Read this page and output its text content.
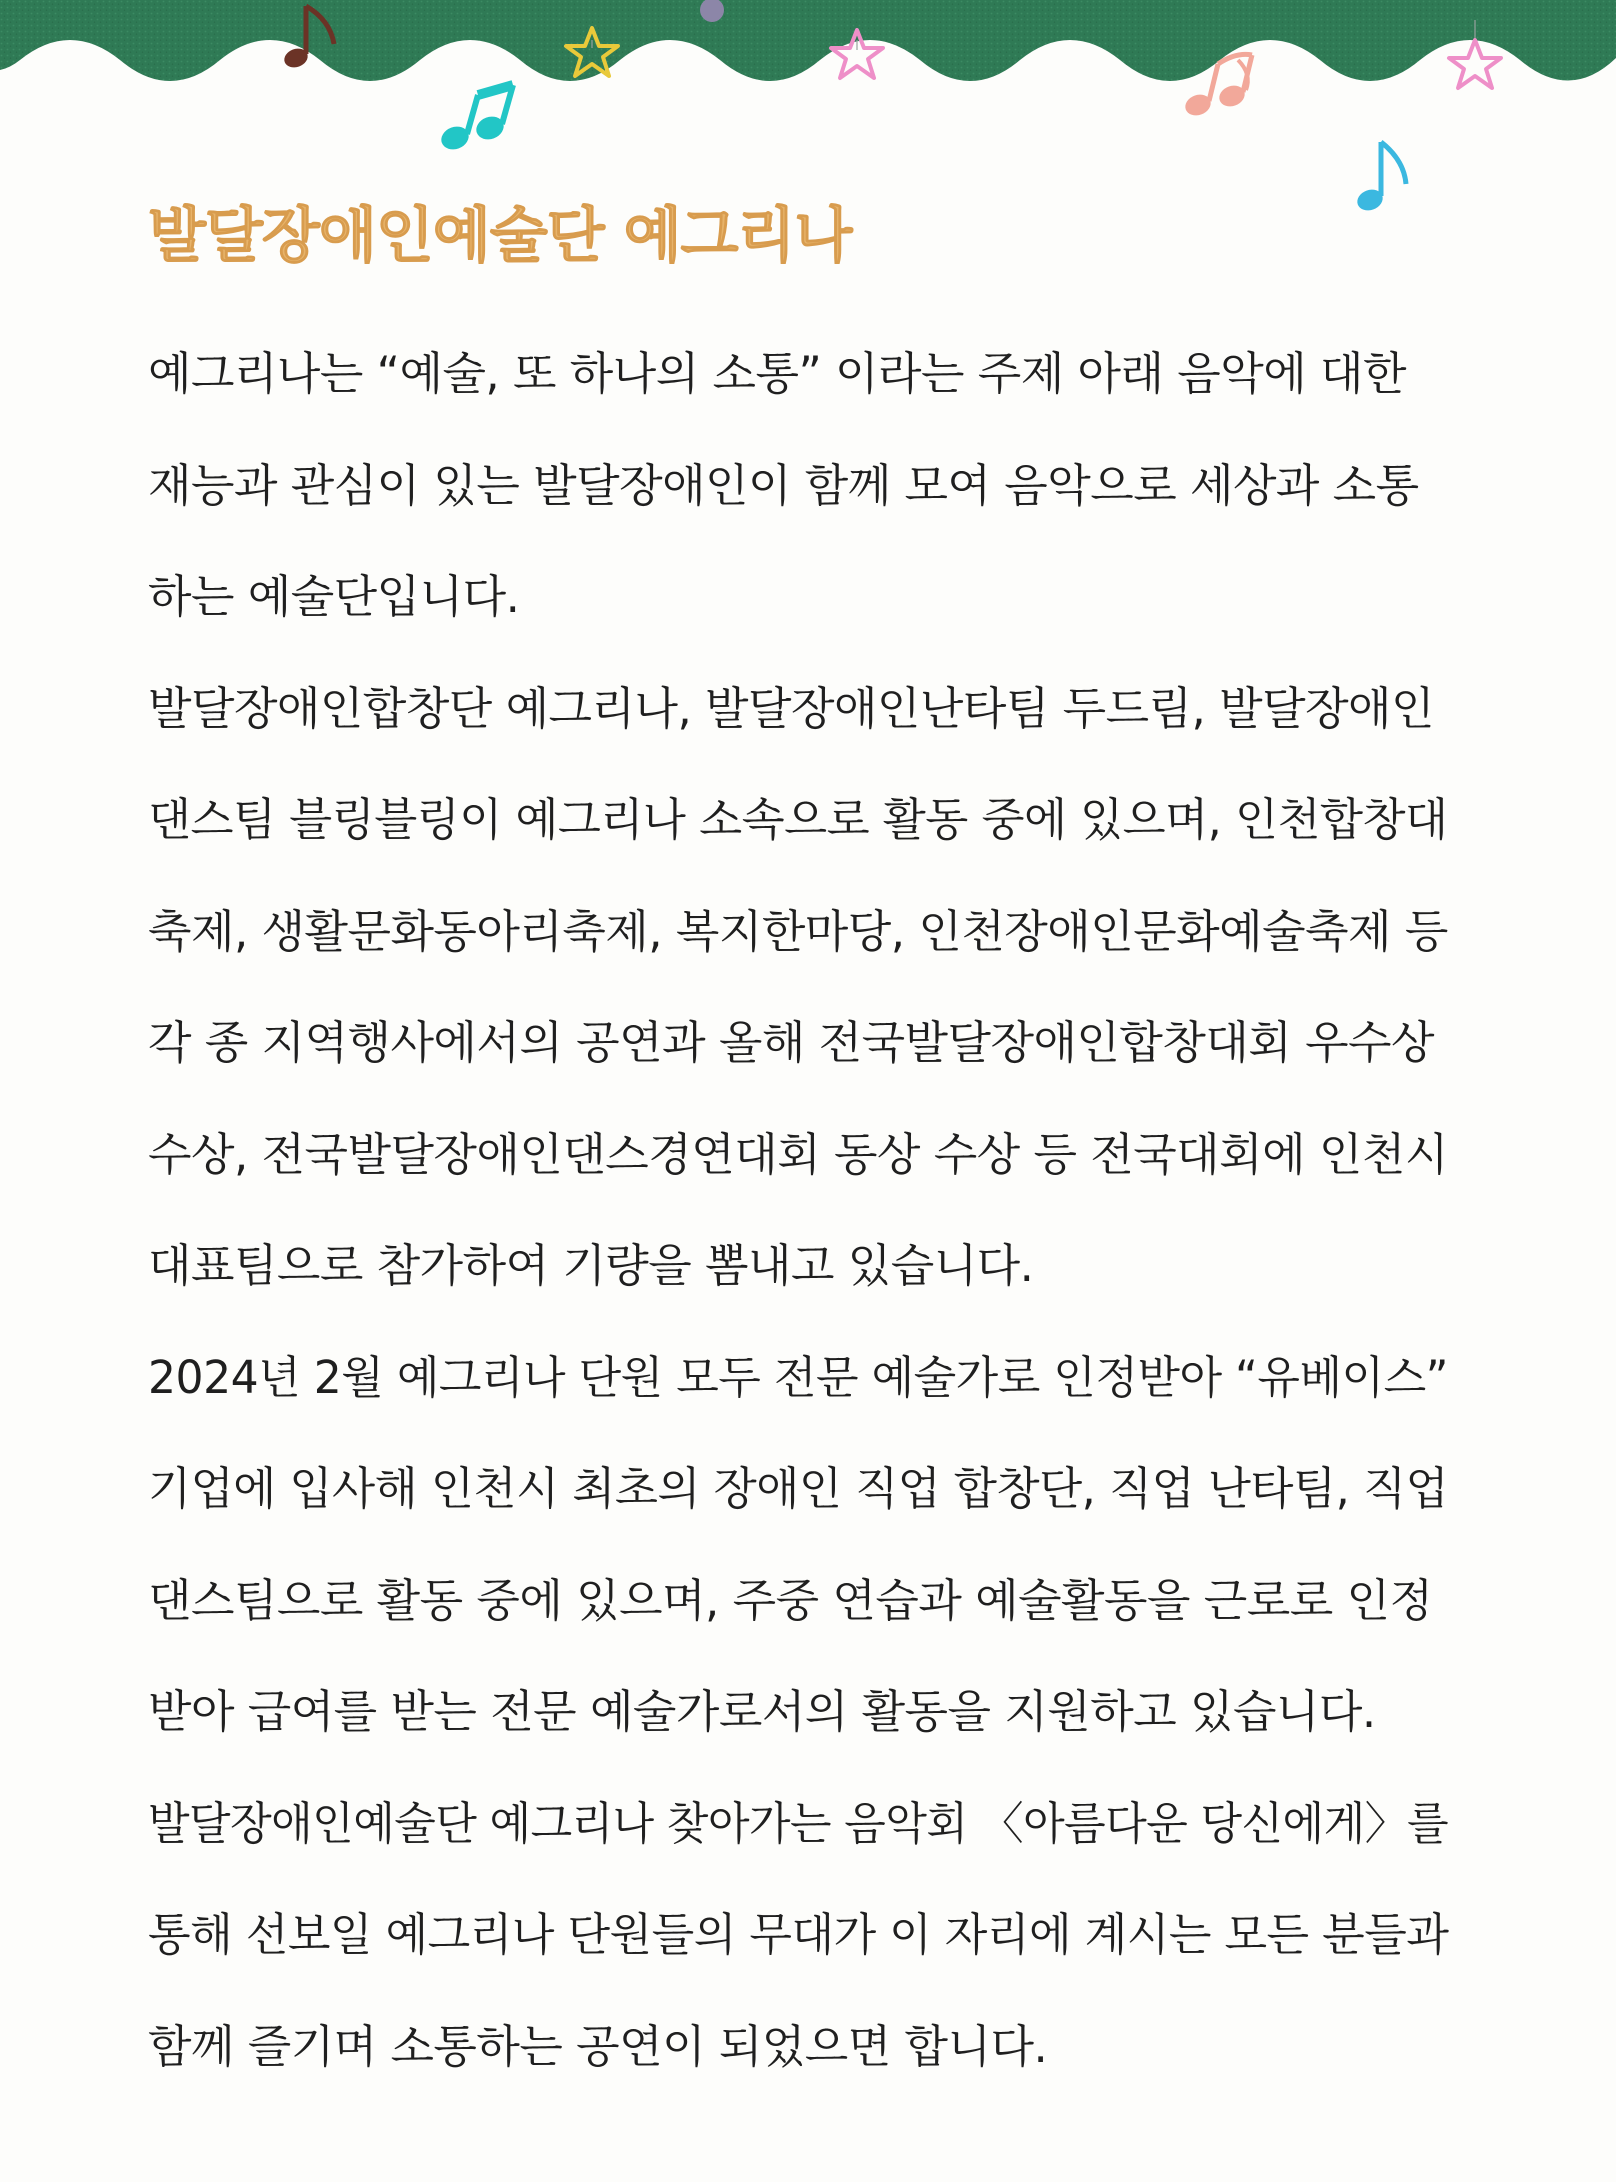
발달장애인예술단 예그리나

예그리나는 “예술, 또 하나의 소통” 이라는 주제 아래 음악에 대한
재능과 관심이 있는 발달장애인이 함께 모여 음악으로 세상과 소통
하는 예술단입니다.

발달장애인합창단 예그리나, 발달장애인난타팀 두드림, 발달장애인
댄스팀 블링블링이 예그리나 소속으로 활동 중에 있으며, 인천합창대
축제, 생활문화동아리축제, 복지한마당, 인천장애인문화예술축제 등
각 종 지역행사에서의 공연과 올해 전국발달장애인합창대회 우수상
수상, 전국발달장애인댄스경연대회 동상 수상 등 전국대회에 인천시
대표팀으로 참가하여 기량을 뽐내고 있습니다.

2024년 2월 예그리나 단원 모두 전문 예술가로 인정받아 “유베이스”
기업에 입사해 인천시 최초의 장애인 직업 합창단, 직업 난타팀, 직업
댄스팀으로 활동 중에 있으며, 주중 연습과 예술활동을 근로로 인정
받아 급여를 받는 전문 예술가로서의 활동을 지원하고 있습니다.

발달장애인예술단 예그리나 찾아가는 음악회 〈아름다운 당신에게〉를
통해 선보일 예그리나 단원들의 무대가 이 자리에 계시는 모든 분들과
함께 즐기며 소통하는 공연이 되었으면 합니다.
